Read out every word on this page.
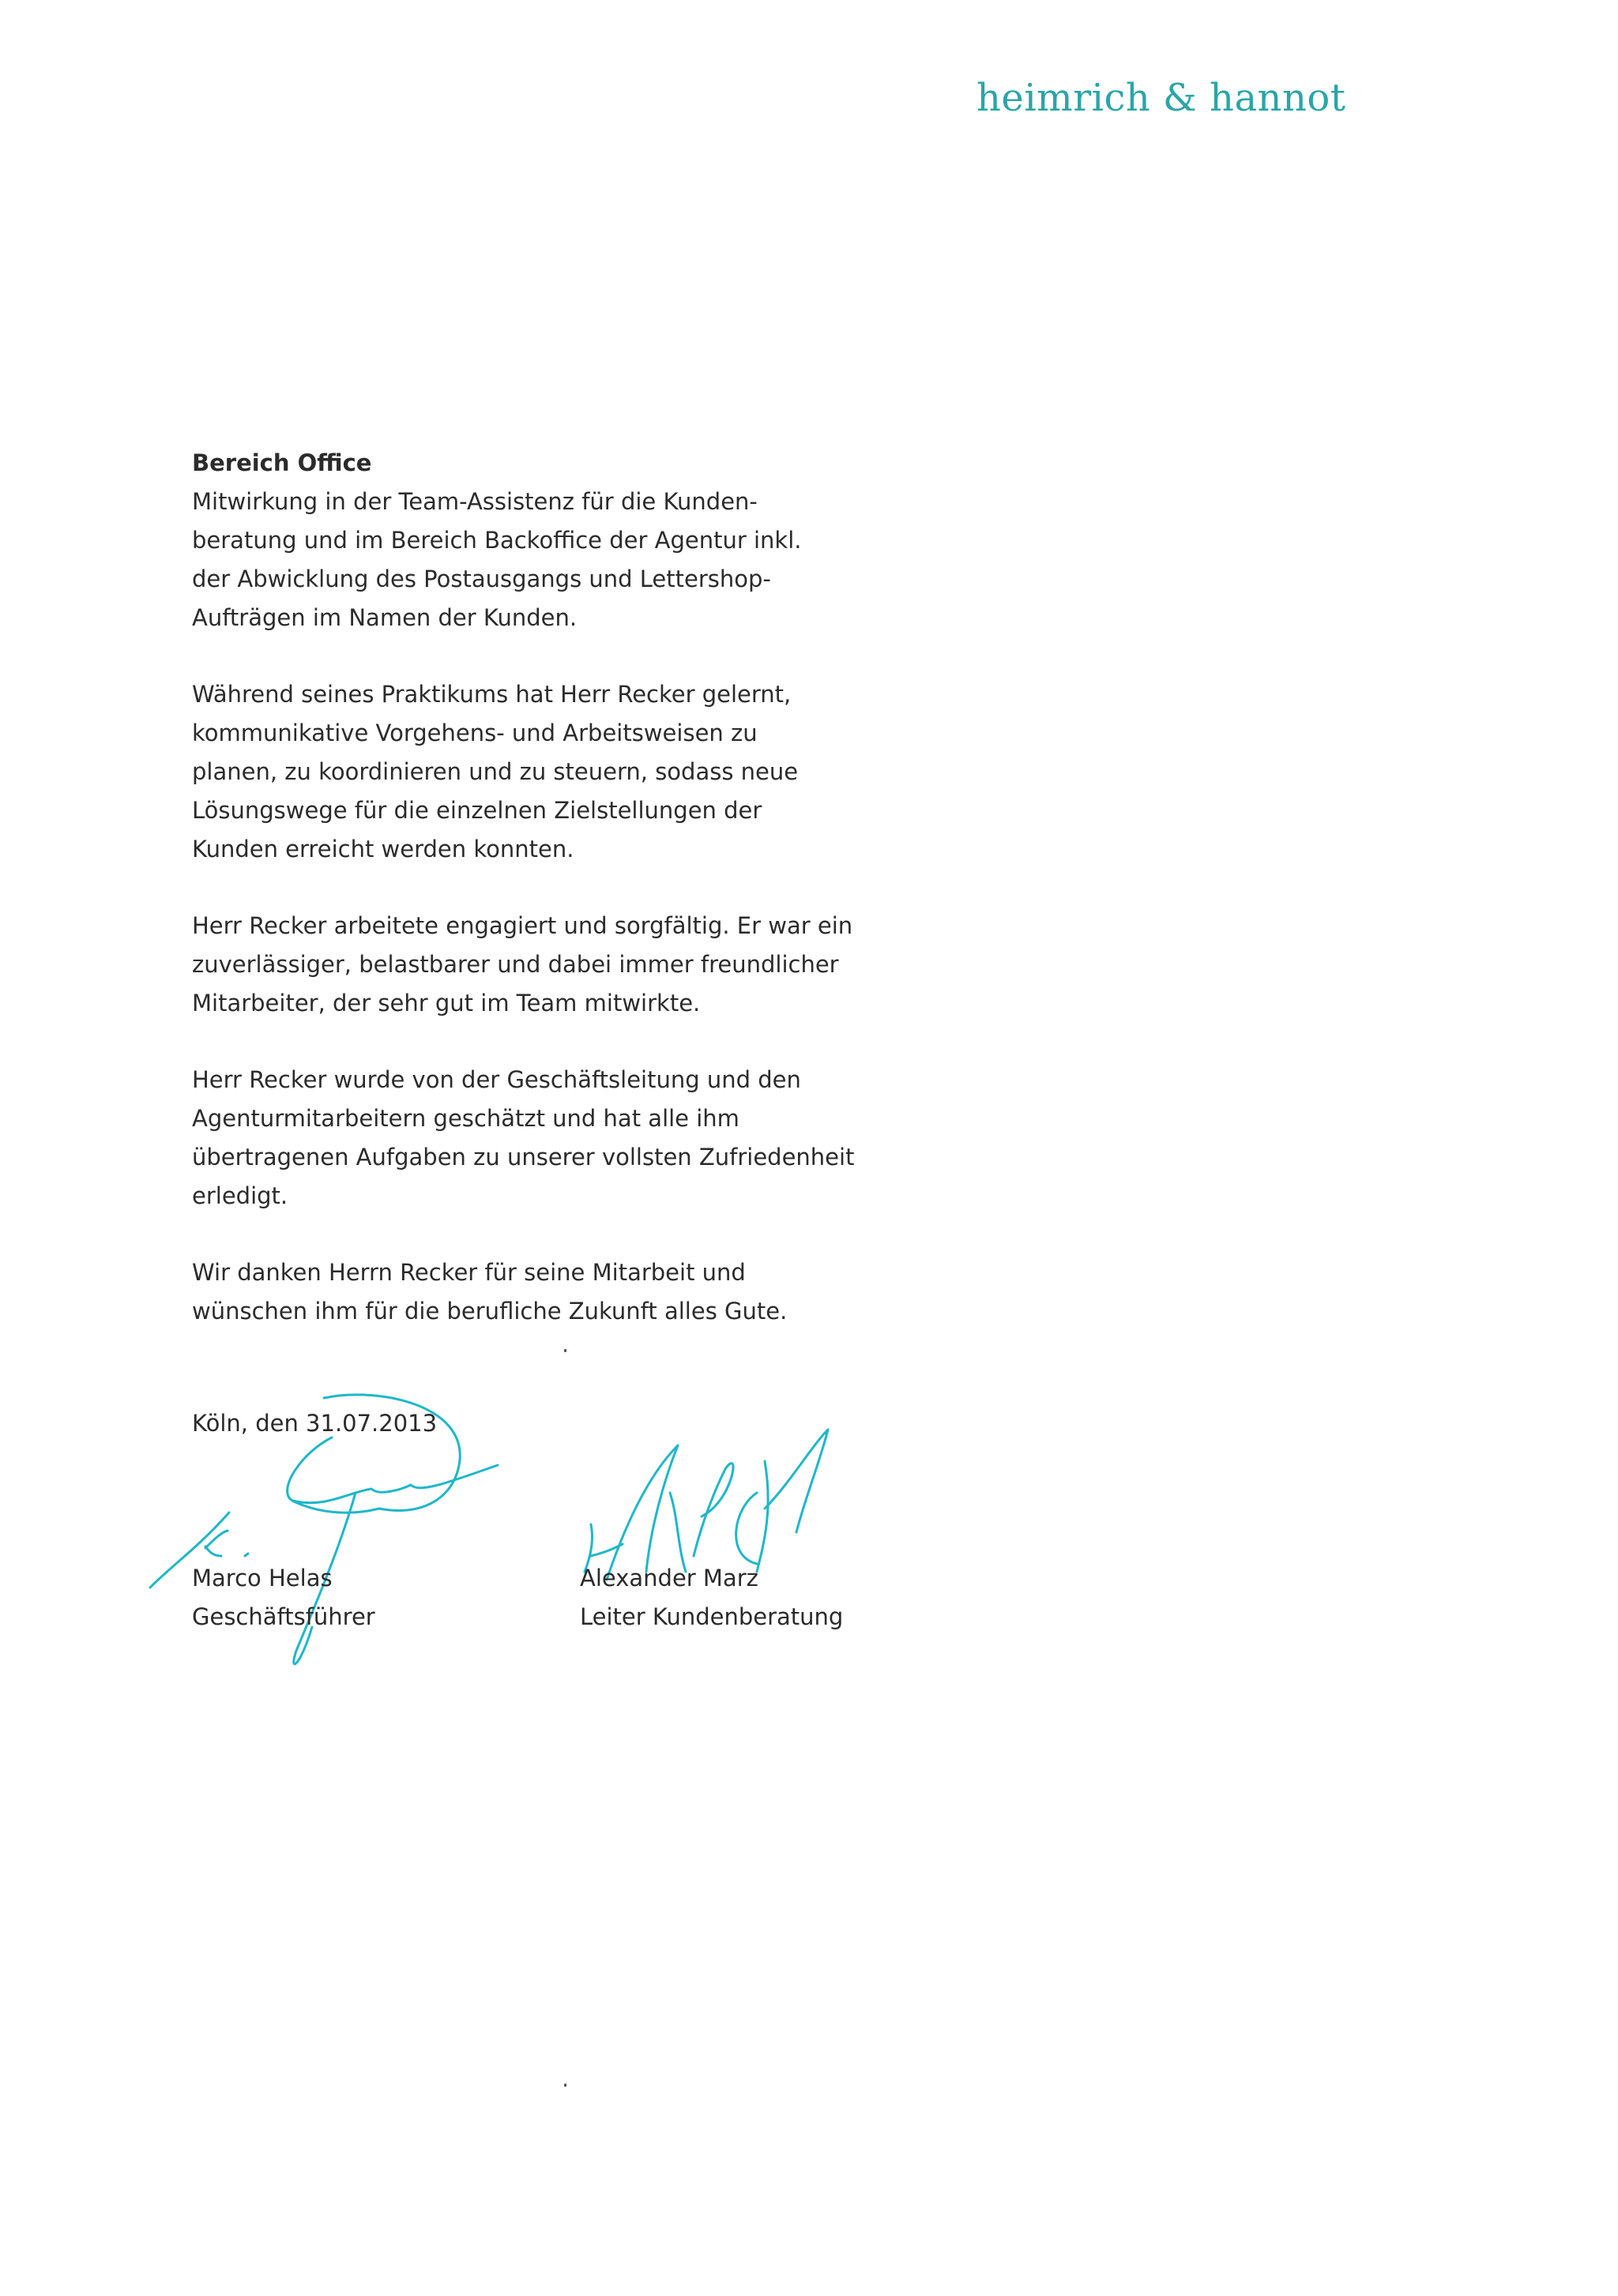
heimrich & hannot

Bereich Office

Mitwirkung in der Team-Assistenz für die Kunden-
beratung und im Bereich Backoffice der Agentur inkl.
der Abwicklung des Postausgangs und Lettershop-
Aufträgen im Namen der Kunden.

Während seines Praktikums hat Herr Recker gelernt,
kommunikative Vorgehens- und Arbeitsweisen zu
planen, zu koordinieren und zu steuern, sodass neue
Lösungswege für die einzelnen Zielstellungen der
Kunden erreicht werden konnten.

Herr Recker arbeitete engagiert und sorgfältig. Er war ein
zuverlässiger, belastbarer und dabei immer freundlicher
Mitarbeiter, der sehr gut im Team mitwirkte.

Herr Recker wurde von der Geschäftsleitung und den
Agenturmitarbeitern geschätzt und hat alle ihm
übertragenen Aufgaben zu unserer vollsten Zufriedenheit
erledigt.

Wir danken Herrn Recker für seine Mitarbeit und
wünschen ihm für die berufliche Zukunft alles Gute.

Köln, den 31.07.2013
Marco Helas
Geschäftsführer
Alexander Marz
Leiter Kundenberatung
